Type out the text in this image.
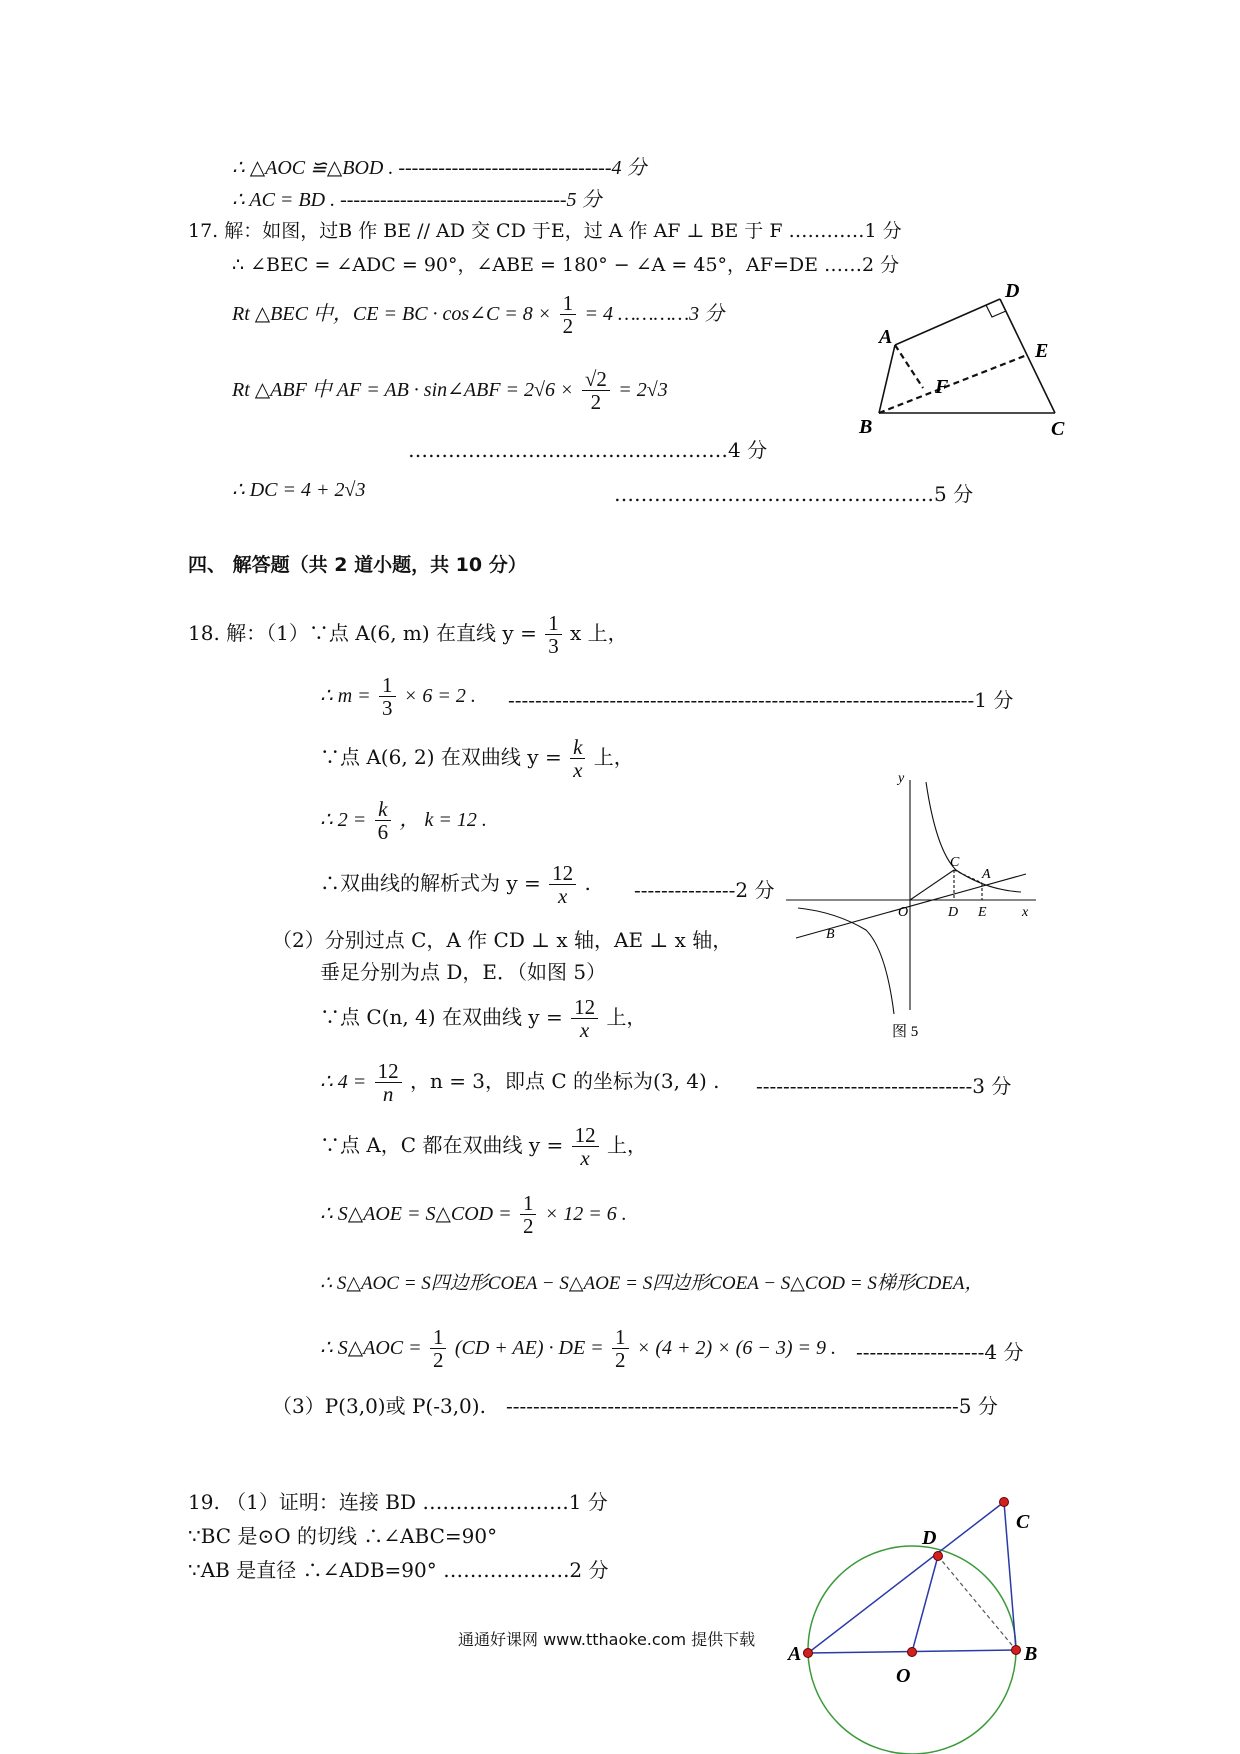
∴ △AOC ≌△BOD . --------------------------------4 分
∴ AC = BD . ----------------------------------5 分
17. 解：如图，过B 作 BE // AD 交 CD 于E，过 A 作 AF ⊥ BE 于 F …………1 分
∴ ∠BEC = ∠ADC = 90°，∠ABE = 180° − ∠A = 45°，AF=DE ……2 分
Rt △BEC 中，CE = BC · cos∠C = $8 \times \frac{1}{2} = 4$ …………3 分
Rt △ABF 中 AF = AB · sin∠ABF = $2√6 \times \frac{√2}{2} = 2√3$
…………………………………………4 分
∴ DC = 4 + 2√3	…………………………………………5 分
四、 解答题（共 2 道小题，共 10 分）
18. 解：（1）∵点 A(6, m) 在直线 $y = \frac{1}{3}$ x 上，
∴ $m = \frac{1}{3} \times 6 = 2$ . ---------------------------------------------------------------------1 分
∵点 A(6, 2) 在双曲线 $y = \frac{k}{x}$ 上，
∴ $2 = \frac{k}{6}$ ， k = 12 .
∴双曲线的解析式为 $y = \frac{12}{x}$ . ---------------2 分
（2）分别过点 C，A 作 CD ⊥ x 轴，AE ⊥ x 轴，
垂足分别为点 D，E．（如图 5）
∵点 C(n, 4) 在双曲线 $y = \frac{12}{x}$ 上，
∴ $4 = \frac{12}{n}$ ，n = 3，即点 C 的坐标为(3, 4) . --------------------------------3 分
∵点 A，C 都在双曲线 $y = \frac{12}{x}$ 上，
∴ S△AOE = S△COD = $\frac{1}{2} \times 12 = 6$ .
∴ S△AOC = S四边形COEA − S△AOE = S四边形COEA − S△COD = S梯形CDEA，
∴ S△AOC = $\frac{1}{2} (CD + AE)$ · DE = $\frac{1}{2} \times (4 + 2) \times (6 - 3) = 9$ . -------------------4 分
（3）P(3,0)或 P(-3,0). -------------------------------------------------------------------5 分
19. （1）证明：连接 BD ………………….1 分
∵BC 是⊙O 的切线 ∴∠ABC=90°
∵AB 是直径 ∴∠ADB=90° ……………….2 分
通通好课网 www.tthaoke.com 提供下载
D
A
E
F
B	C
y
C
A
O	D E	x
B
图 5
C
D
A
O
B
